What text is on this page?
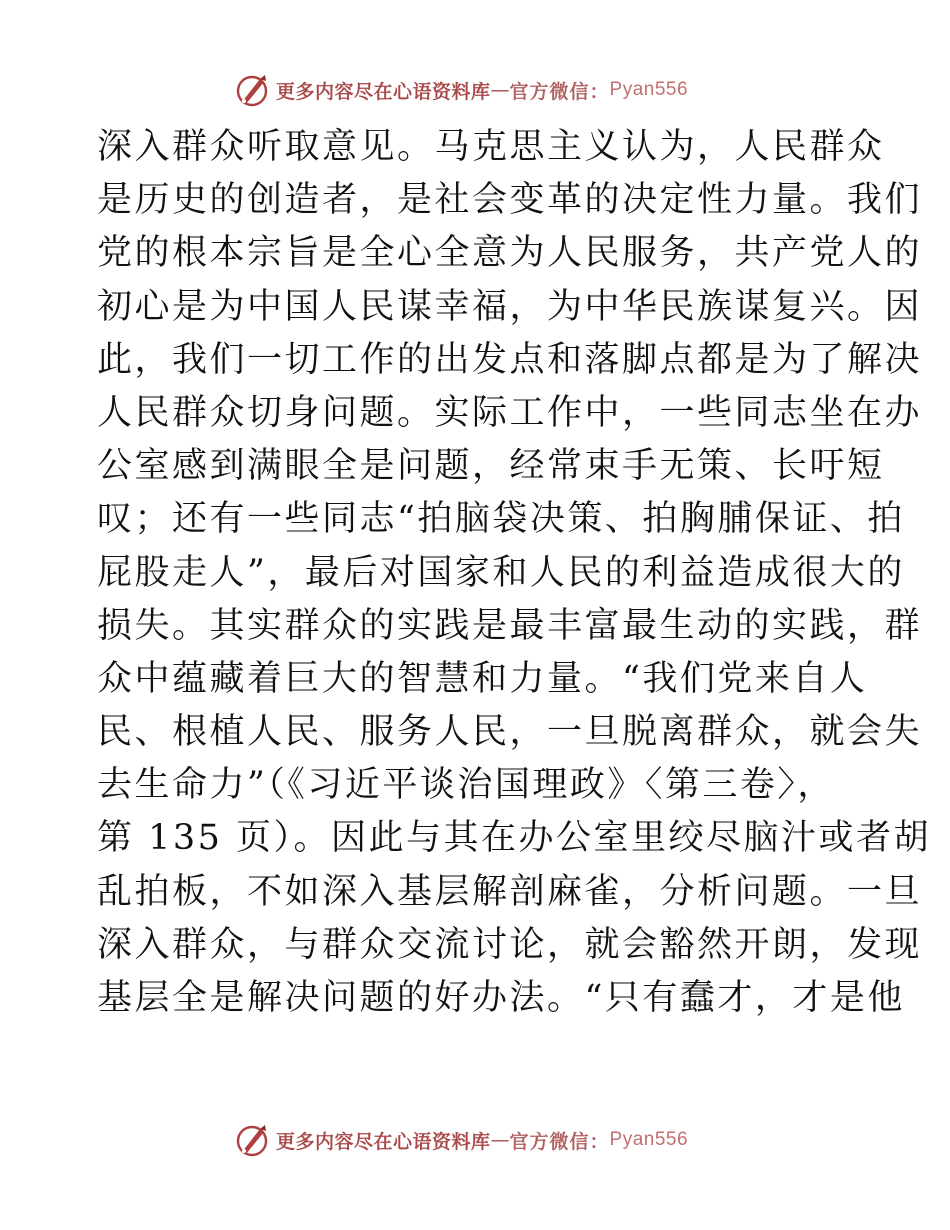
更多内容尽在心语资料库 — 官方微信： Pyan556
深入群众听取意见。马克思主义认为，人民群众
是历史的创造者，是社会变革的决定性力量。我们
党的根本宗旨是全心全意为人民服务，共产党人的
初心是为中国人民谋幸福，为中华民族谋复兴。因
此，我们一切工作的出发点和落脚点都是为了解决
人民群众切身问题。实际工作中，一些同志坐在办
公室感到满眼全是问题，经常束手无策、长吁短
叹；还有一些同志“拍脑袋决策、拍胸脯保证、拍
屁股走人”，最后对国家和人民的利益造成很大的
损失。其实群众的实践是最丰富最生动的实践，群
众中蕴藏着巨大的智慧和力量。“我们党来自人
民、根植人民、服务人民，一旦脱离群众，就会失
去生命力”（《习近平谈治国理政》〈第三卷〉，
第 135 页）。因此与其在办公室里绞尽脑汁或者胡
乱拍板，不如深入基层解剖麻雀，分析问题。一旦
深入群众，与群众交流讨论，就会豁然开朗，发现
基层全是解决问题的好办法。“只有蠢才，才是他
更多内容尽在心语资料库 — 官方微信： Pyan556
